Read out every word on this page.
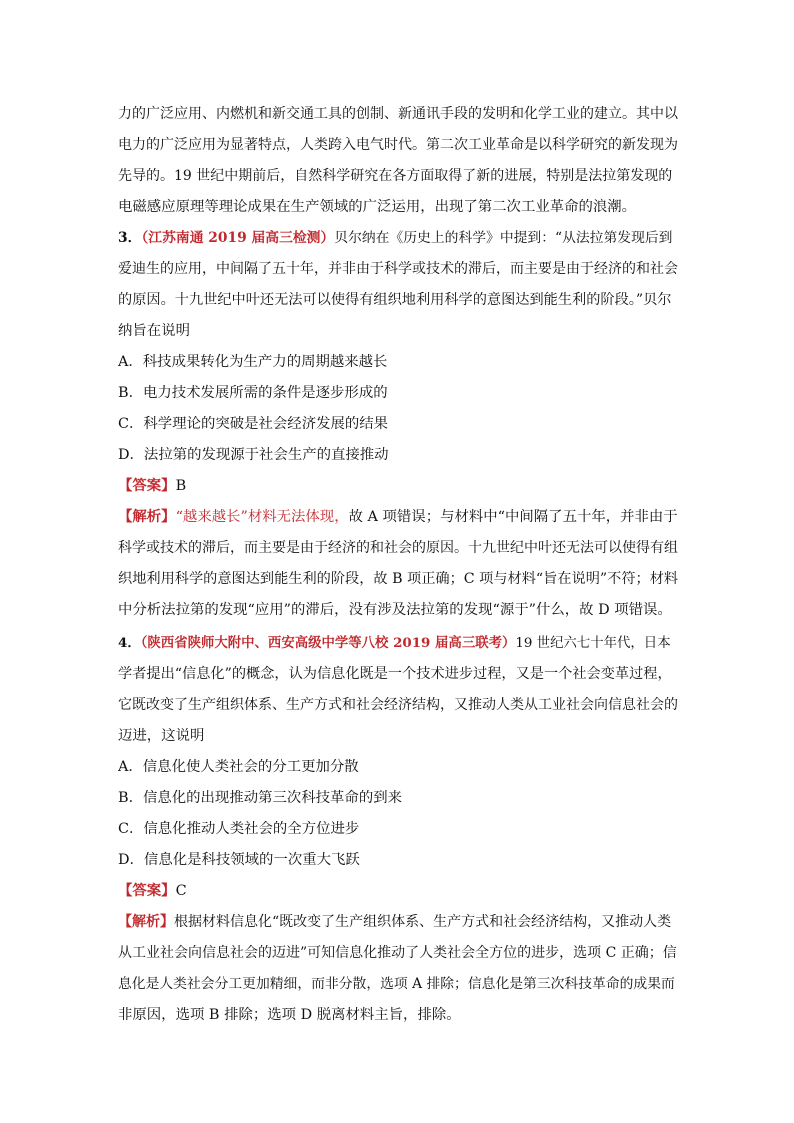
力的广泛应用、内燃机和新交通工具的创制、新通讯手段的发明和化学工业的建立。其中以
电力的广泛应用为显著特点，人类跨入电气时代。第二次工业革命是以科学研究的新发现为
先导的。19 世纪中期前后，自然科学研究在各方面取得了新的进展，特别是法拉第发现的
电磁感应原理等理论成果在生产领域的广泛运用，出现了第二次工业革命的浪潮。
3．（江苏南通 2019 届高三检测）贝尔纳在《历史上的科学》中提到：“从法拉第发现后到
爱迪生的应用，中间隔了五十年，并非由于科学或技术的滞后，而主要是由于经济的和社会
的原因。十九世纪中叶还无法可以使得有组织地利用科学的意图达到能生利的阶段。”贝尔
纳旨在说明
A．科技成果转化为生产力的周期越来越长
B．电力技术发展所需的条件是逐步形成的
C．科学理论的突破是社会经济发展的结果
D．法拉第的发现源于社会生产的直接推动
【答案】B
【解析】“越来越长”材料无法体现，故 A 项错误；与材料中“中间隔了五十年，并非由于
科学或技术的滞后，而主要是由于经济的和社会的原因。十九世纪中叶还无法可以使得有组
织地利用科学的意图达到能生利的阶段，故 B 项正确；C 项与材料“旨在说明”不符；材料
中分析法拉第的发现“应用”的滞后，没有涉及法拉第的发现“源于”什么，故 D 项错误。
4．（陕西省陕师大附中、西安高级中学等八校 2019 届高三联考）19 世纪六七十年代，日本
学者提出“信息化”的概念，认为信息化既是一个技术进步过程，又是一个社会变革过程，
它既改变了生产组织体系、生产方式和社会经济结构，又推动人类从工业社会向信息社会的
迈进，这说明
A．信息化使人类社会的分工更加分散
B．信息化的出现推动第三次科技革命的到来
C．信息化推动人类社会的全方位进步
D．信息化是科技领域的一次重大飞跃
【答案】C
【解析】根据材料信息化“既改变了生产组织体系、生产方式和社会经济结构，又推动人类
从工业社会向信息社会的迈进”可知信息化推动了人类社会全方位的进步，选项 C 正确；信
息化是人类社会分工更加精细，而非分散，选项 A 排除；信息化是第三次科技革命的成果而
非原因，选项 B 排除；选项 D 脱离材料主旨，排除。
